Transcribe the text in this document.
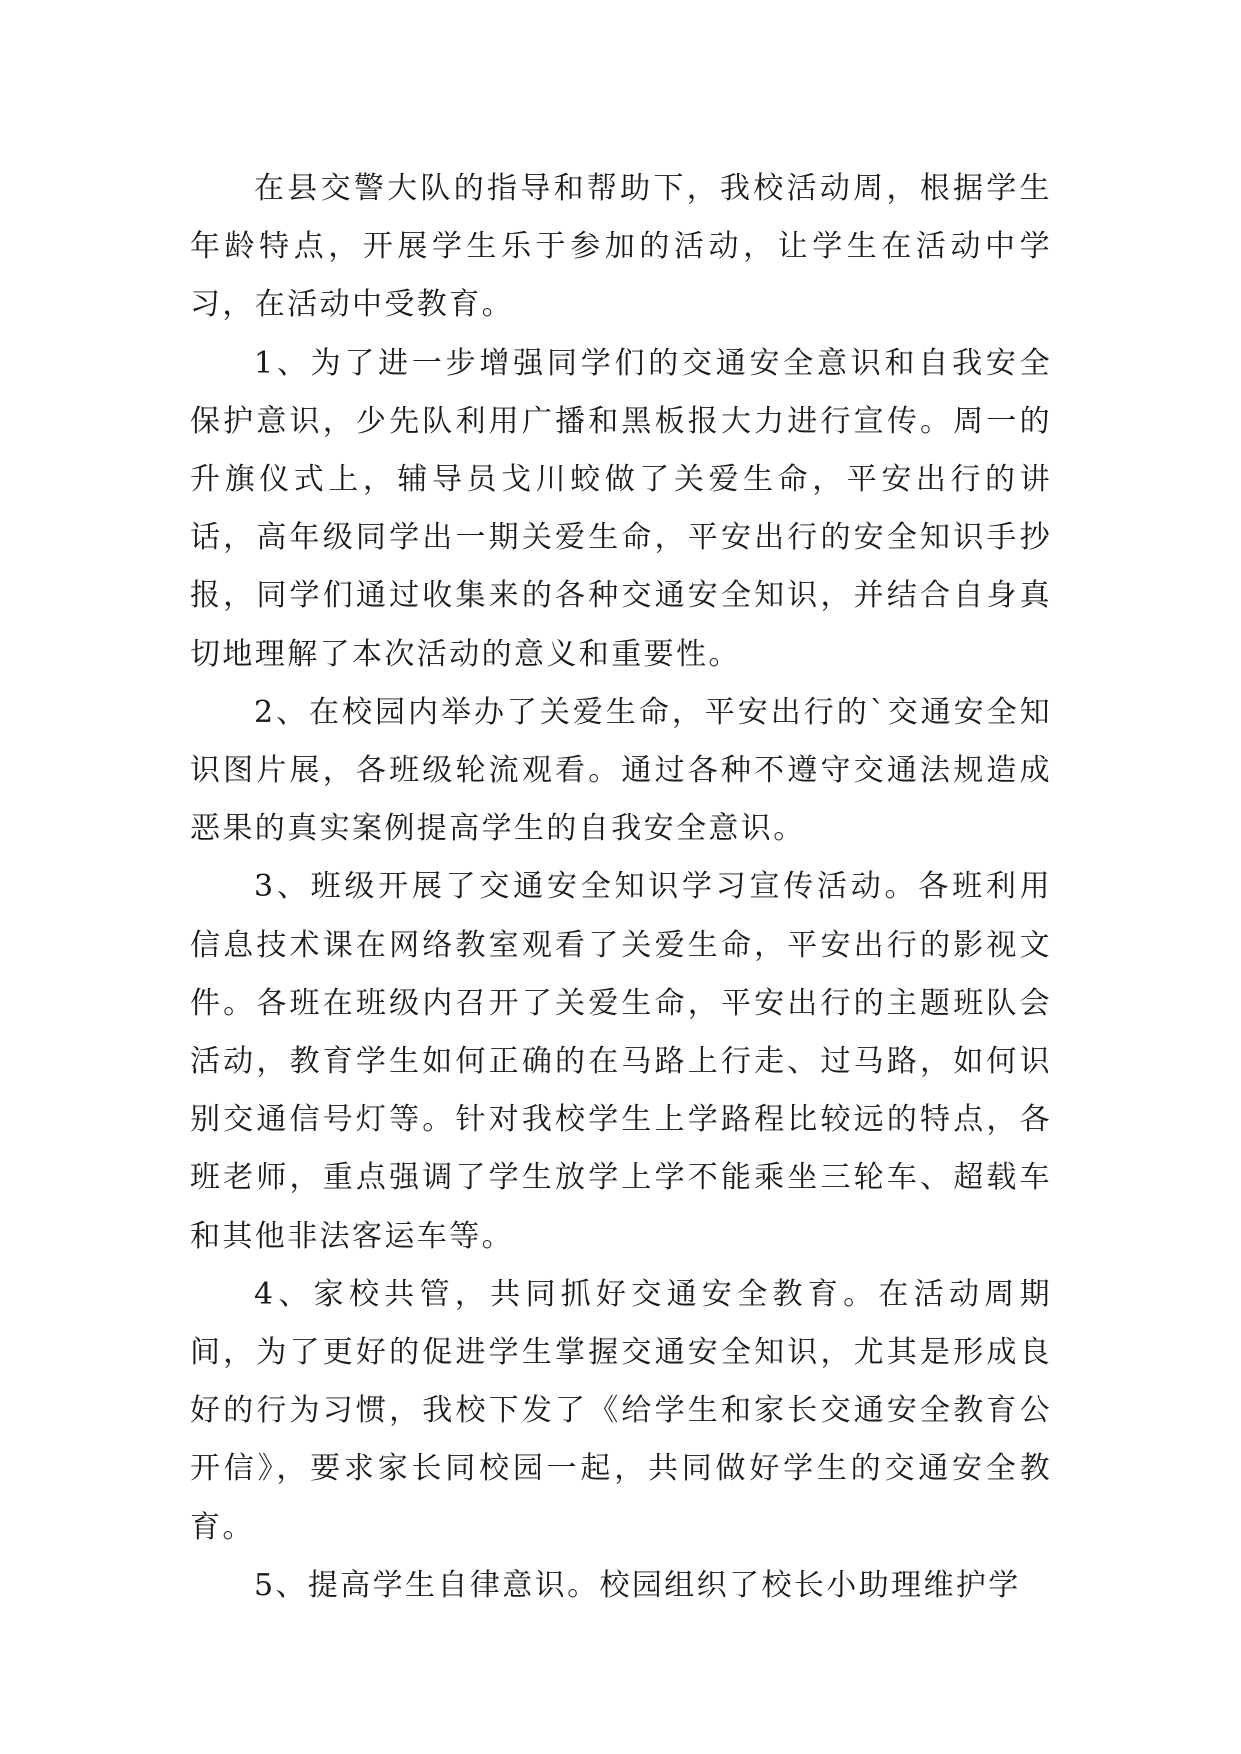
在县交警大队的指导和帮助下，我校活动周，根据学生年龄特点，开展学生乐于参加的活动，让学生在活动中学习，在活动中受教育。

1、为了进一步增强同学们的交通安全意识和自我安全保护意识，少先队利用广播和黑板报大力进行宣传。周一的升旗仪式上，辅导员戈川蛟做了关爱生命，平安出行的讲话，高年级同学出一期关爱生命，平安出行的安全知识手抄报，同学们通过收集来的各种交通安全知识，并结合自身真切地理解了本次活动的意义和重要性。

2、在校园内举办了关爱生命，平安出行的`交通安全知识图片展，各班级轮流观看。通过各种不遵守交通法规造成恶果的真实案例提高学生的自我安全意识。

3、班级开展了交通安全知识学习宣传活动。各班利用信息技术课在网络教室观看了关爱生命，平安出行的影视文件。各班在班级内召开了关爱生命，平安出行的主题班队会活动，教育学生如何正确的在马路上行走、过马路，如何识别交通信号灯等。针对我校学生上学路程比较远的特点，各班老师，重点强调了学生放学上学不能乘坐三轮车、超载车和其他非法客运车等。

4、家校共管，共同抓好交通安全教育。在活动周期间，为了更好的促进学生掌握交通安全知识，尤其是形成良好的行为习惯，我校下发了《给学生和家长交通安全教育公开信》，要求家长同校园一起，共同做好学生的交通安全教育。

5、提高学生自律意识。校园组织了校长小助理维护学
